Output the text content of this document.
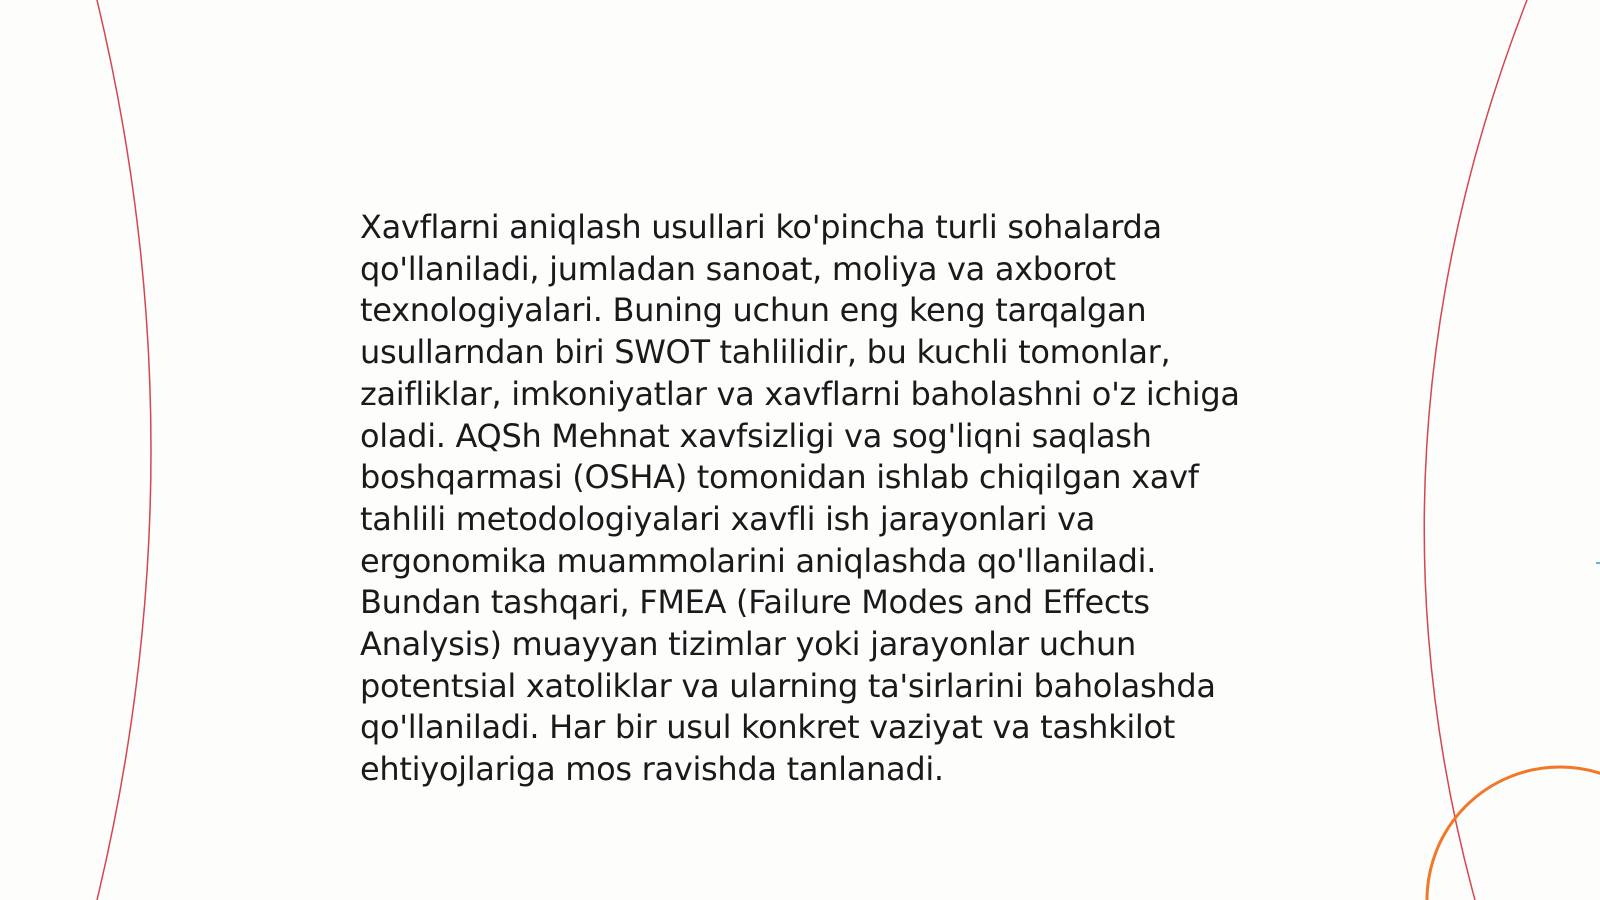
Xavflarni aniqlash usullari ko'pincha turli sohalarda qo'llaniladi, jumladan sanoat, moliya va axborot texnologiyalari. Buning uchun eng keng tarqalgan usullarndan biri SWOT tahlilidir, bu kuchli tomonlar, zaifliklar, imkoniyatlar va xavflarni baholashni o'z ichiga oladi. AQSh Mehnat xavfsizligi va sog'liqni saqlash boshqarmasi (OSHA) tomonidan ishlab chiqilgan xavf tahlili metodologiyalari xavfli ish jarayonlari va ergonomika muammolarini aniqlashda qo'llaniladi. Bundan tashqari, FMEA (Failure Modes and Effects Analysis) muayyan tizimlar yoki jarayonlar uchun potentsial xatoliklar va ularning ta'sirlarini baholashda qo'llaniladi. Har bir usul konkret vaziyat va tashkilot ehtiyojlariga mos ravishda tanlanadi.
